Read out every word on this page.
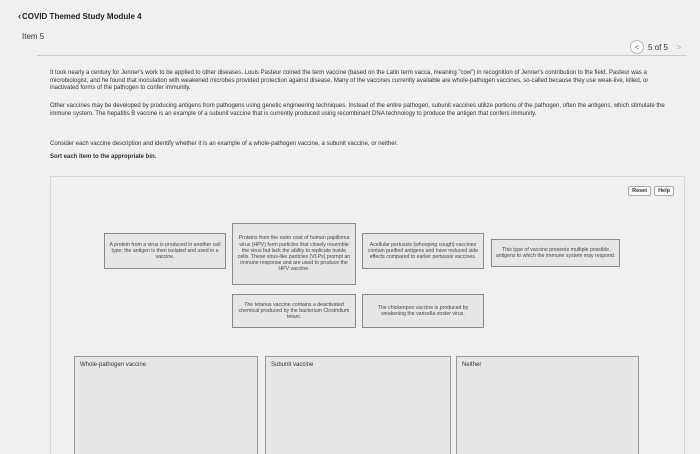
‹ COVID Themed Study Module 4
Item 5
< 5 of 5 >

It took nearly a century for Jenner's work to be applied to other diseases. Louis Pasteur coined the term vaccine (based on the Latin term vacca, meaning "cow") in recognition of Jenner's contribution to the field. Pasteur was a microbiologist, and he found that inoculation with weakened microbes provided protection against disease. Many of the vaccines currently available are whole-pathogen vaccines, so-called because they use weak-live, killed, or inactivated forms of the pathogen to confer immunity.

Other vaccines may be developed by producing antigens from pathogens using genetic engineering techniques. Instead of the entire pathogen, subunit vaccines utilize portions of the pathogen, often the antigens, which stimulate the immune system. The hepatitis B vaccine is an example of a subunit vaccine that is currently produced using recombinant DNA technology to produce the antigen that confers immunity.

Consider each vaccine description and identify whether it is an example of a whole-pathogen vaccine, a subunit vaccine, or neither.

Sort each item to the appropriate bin.

Reset	Help
A protein from a virus is produced in another cell type; the antigen is then isolated and used in a vaccine.
Proteins from the outer coat of human papilloma virus (HPV) form particles that closely resemble the virus but lack the ability to replicate inside cells. These virus-like particles (VLPs) prompt an immune response and are used to produce the HPV vaccine.
Acellular pertussis (whooping cough) vaccines contain purified antigens and have reduced side effects compared to earlier pertussis vaccines.
This type of vaccine presents multiple possible antigens to which the immune system may respond.
The tetanus vaccine contains a deactivated chemical produced by the bacterium Clostridium tetani.
The chickenpox vaccine is produced by weakening the varicella-zoster virus.
Whole-pathogen vaccine	Subunit vaccine	Neither
